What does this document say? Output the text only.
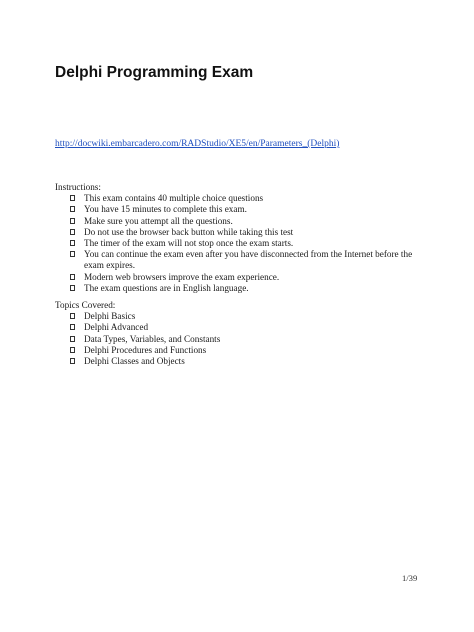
Delphi Programming Exam
http://docwiki.embarcadero.com/RADStudio/XE5/en/Parameters_(Delphi)
Instructions:
This exam contains 40 multiple choice questions
You have 15 minutes to complete this exam.
Make sure you attempt all the questions.
Do not use the browser back button while taking this test
The timer of the exam will not stop once the exam starts.
You can continue the exam even after you have disconnected from the Internet before the exam expires.
Modern web browsers improve the exam experience.
The exam questions are in English language.
Topics Covered:
Delphi Basics
Delphi Advanced
Data Types, Variables, and Constants
Delphi Procedures and Functions
Delphi Classes and Objects
1/39
